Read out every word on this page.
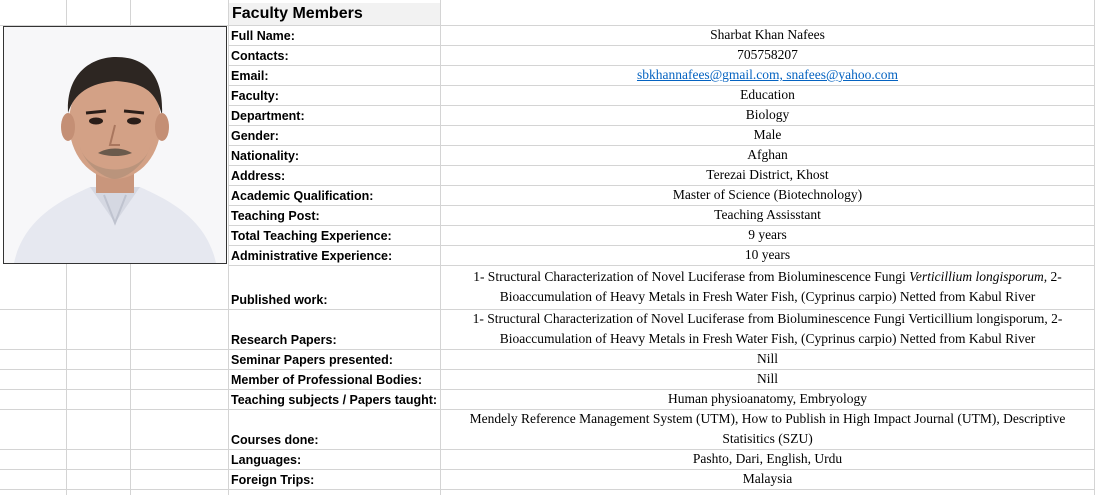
Full Name:	Sharbat Khan Nafees
Contacts:	705758207
Email:	sbkhannafees@gmail.com, snafees@yahoo.com
Faculty:	Education
Department:	Biology
Gender:	Male
Nationality:	Afghan
Address:	Terezai District, Khost
Academic Qualification:	Master of Science (Biotechnology)
Teaching Post:	Teaching Assisstant
Total Teaching Experience:	9 years
Administrative Experience:	10 years
Published work:
1- Structural Characterization of Novel Luciferase from Bioluminescence Fungi Verticillium longisporum, 2- Bioaccumulation of Heavy Metals in Fresh Water Fish, (Cyprinus carpio) Netted from Kabul River
Research Papers:
1- Structural Characterization of Novel Luciferase from Bioluminescence Fungi Verticillium longisporum, 2- Bioaccumulation of Heavy Metals in Fresh Water Fish, (Cyprinus carpio) Netted from Kabul River
Seminar Papers presented:	Nill
Member of Professional Bodies:	Nill
Teaching subjects / Papers taught:	Human physioanatomy, Embryology
Courses done:
Mendely Reference Management System (UTM), How to Publish in High Impact Journal (UTM), Descriptive Statisitics (SZU)
Languages:	Pashto, Dari, English, Urdu
Foreign Trips:	Malaysia
Faculty Members
